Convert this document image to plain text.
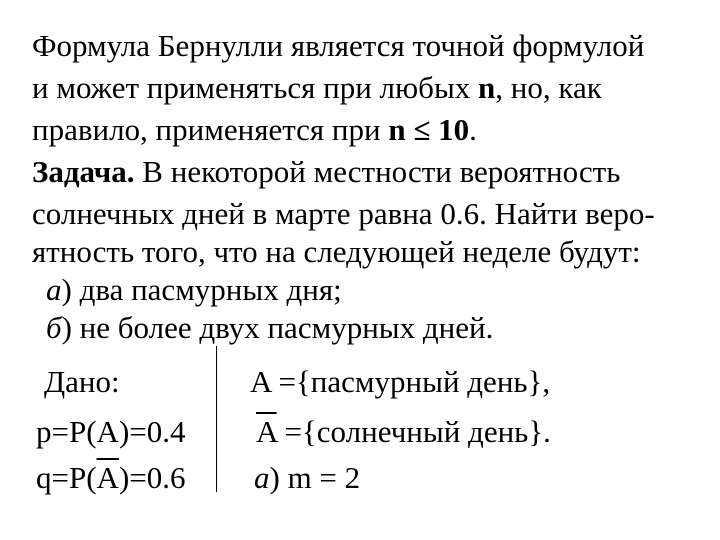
Формула Бернулли является точной формулой
и может применяться при любых n, но, как
правило, применяется при n ≤ 10.
Задача. В некоторой местности вероятность
солнечных дней в марте равна 0.6. Найти веро-
ятность того, что на следующей неделе будут:
а) два пасмурных дня;
б) не более двух пасмурных дней.
Дано:
p=P(A)=0.4
$q=P(\overline{A})=0.6$
A ={пасмурный день},
$\overline{A}$ ={солнечный день}.
а) m = 2
